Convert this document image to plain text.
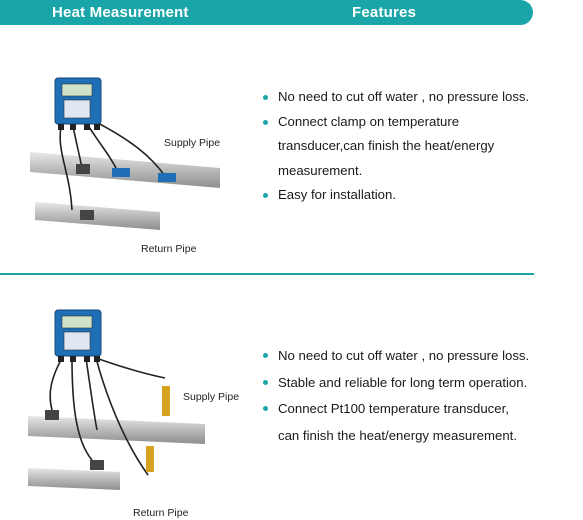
Heat Measurement	Features
Supply Pipe
Return Pipe
No need to cut off water , no pressure loss.
Connect clamp on temperature
transducer,can finish the heat/energy
measurement.
Easy for installation.
Supply Pipe
Return Pipe
No need to cut off water , no pressure loss.
Stable and reliable for long term operation.
Connect Pt100 temperature transducer,
can finish the heat/energy measurement.
